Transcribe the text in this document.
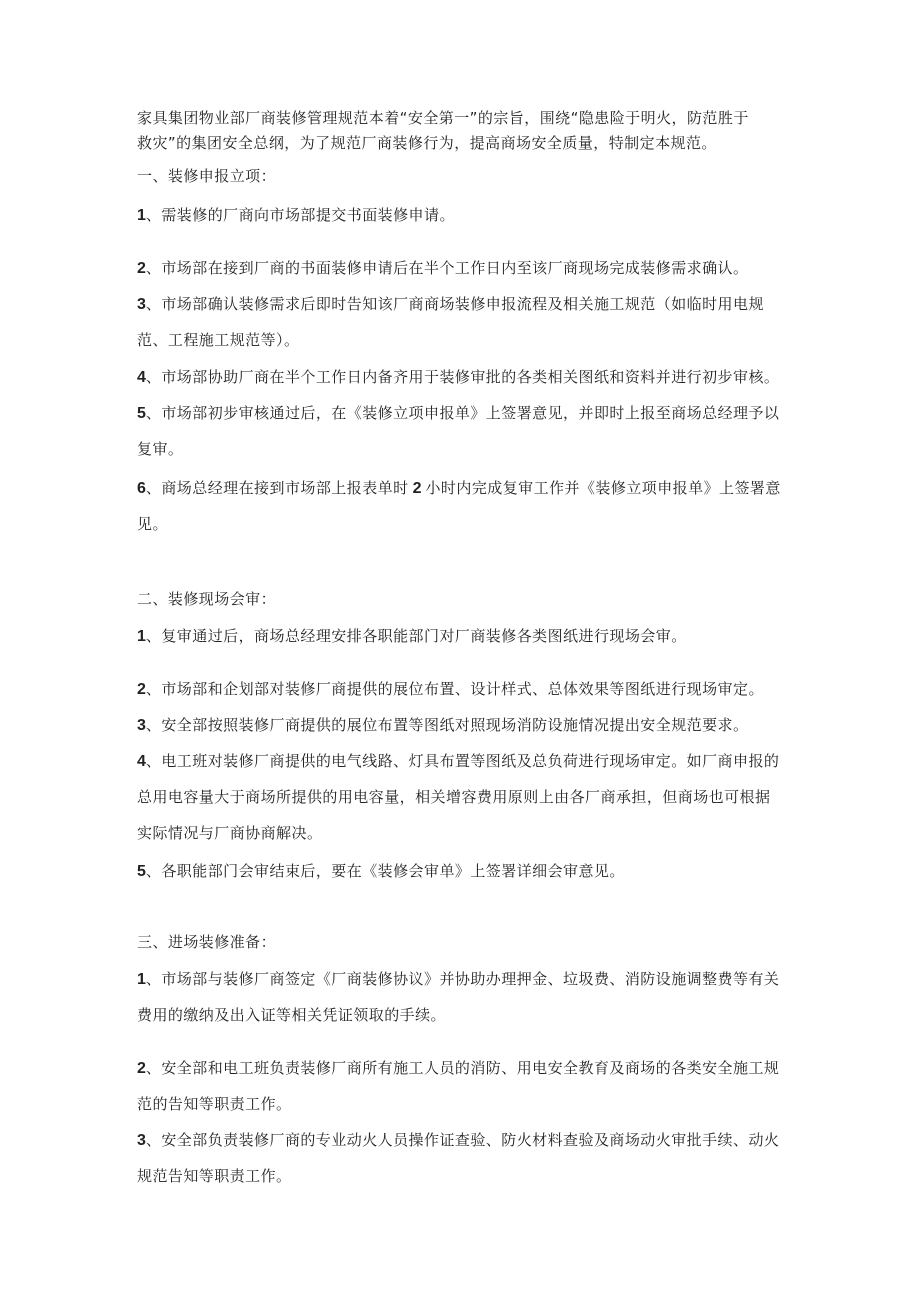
家具集团物业部厂商装修管理规范本着“安全第一”的宗旨，围绕“隐患险于明火，防范胜于

救灾”的集团安全总纲，为了规范厂商装修行为，提高商场安全质量，特制定本规范。

一、装修申报立项：

1、需装修的厂商向市场部提交书面装修申请。

2、市场部在接到厂商的书面装修申请后在半个工作日内至该厂商现场完成装修需求确认。

3、市场部确认装修需求后即时告知该厂商商场装修申报流程及相关施工规范（如临时用电规

范、工程施工规范等）。

4、市场部协助厂商在半个工作日内备齐用于装修审批的各类相关图纸和资料并进行初步审核。

5、市场部初步审核通过后，在《装修立项申报单》上签署意见，并即时上报至商场总经理予以

复审。

6、商场总经理在接到市场部上报表单时 2 小时内完成复审工作并《装修立项申报单》上签署意

见。

二、装修现场会审：

1、复审通过后，商场总经理安排各职能部门对厂商装修各类图纸进行现场会审。

2、市场部和企划部对装修厂商提供的展位布置、设计样式、总体效果等图纸进行现场审定。

3、安全部按照装修厂商提供的展位布置等图纸对照现场消防设施情况提出安全规范要求。

4、电工班对装修厂商提供的电气线路、灯具布置等图纸及总负荷进行现场审定。如厂商申报的

总用电容量大于商场所提供的用电容量，相关增容费用原则上由各厂商承担，但商场也可根据

实际情况与厂商协商解决。

5、各职能部门会审结束后，要在《装修会审单》上签署详细会审意见。

三、进场装修准备：

1、市场部与装修厂商签定《厂商装修协议》并协助办理押金、垃圾费、消防设施调整费等有关

费用的缴纳及出入证等相关凭证领取的手续。

2、安全部和电工班负责装修厂商所有施工人员的消防、用电安全教育及商场的各类安全施工规

范的告知等职责工作。

3、安全部负责装修厂商的专业动火人员操作证查验、防火材料查验及商场动火审批手续、动火

规范告知等职责工作。
